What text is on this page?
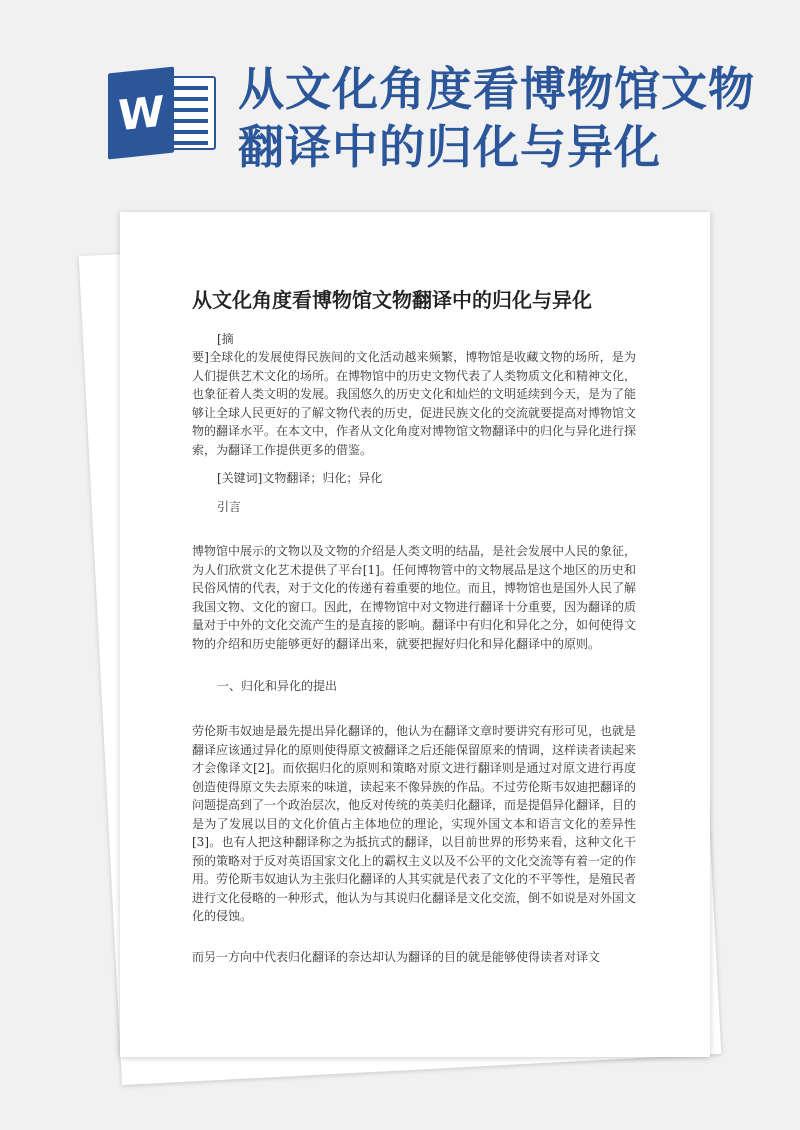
W 从文化角度看博物馆文物翻译中的归化与异化
从文化角度看博物馆文物翻译中的归化与异化

[摘

要]全球化的发展使得民族间的文化活动越来频繁，博物馆是收藏文物的场所，是为人们提供艺术文化的场所。在博物馆中的历史文物代表了人类物质文化和精神文化，也象征着人类文明的发展。我国悠久的历史文化和灿烂的文明延续到今天，是为了能够让全球人民更好的了解文物代表的历史，促进民族文化的交流就要提高对博物馆文物的翻译水平。在本文中，作者从文化角度对博物馆文物翻译中的归化与异化进行探索，为翻译工作提供更多的借鉴。

[关键词]文物翻译；归化；异化

引言

博物馆中展示的文物以及文物的介绍是人类文明的结晶，是社会发展中人民的象征，为人们欣赏文化艺术提供了平台[1]。任何博物管中的文物展品是这个地区的历史和民俗风情的代表，对于文化的传递有着重要的地位。而且，博物馆也是国外人民了解我国文物、文化的窗口。因此，在博物馆中对文物进行翻译十分重要，因为翻译的质量对于中外的文化交流产生的是直接的影响。翻译中有归化和异化之分，如何使得文物的介绍和历史能够更好的翻译出来，就要把握好归化和异化翻译中的原则。

一、归化和异化的提出

劳伦斯韦奴迪是最先提出异化翻译的，他认为在翻译文章时要讲究有形可见，也就是翻译应该通过异化的原则使得原文被翻译之后还能保留原来的情调，这样读者读起来才会像译文[2]。而依据归化的原则和策略对原文进行翻译则是通过对原文进行再度创造使得原文失去原来的味道，读起来不像异族的作品。不过劳伦斯韦奴迪把翻译的问题提高到了一个政治层次，他反对传统的英美归化翻译，而是提倡异化翻译，目的是为了发展以目的文化价值占主体地位的理论，实现外国文本和语言文化的差异性[3]。也有人把这种翻译称之为抵抗式的翻译，以目前世界的形势来看，这种文化干预的策略对于反对英语国家文化上的霸权主义以及不公平的文化交流等有着一定的作用。劳伦斯韦奴迪认为主张归化翻译的人其实就是代表了文化的不平等性，是殖民者进行文化侵略的一种形式，他认为与其说归化翻译是文化交流，倒不如说是对外国文化的侵蚀。

而另一方向中代表归化翻译的奈达却认为翻译的目的就是能够使得读者对译文
